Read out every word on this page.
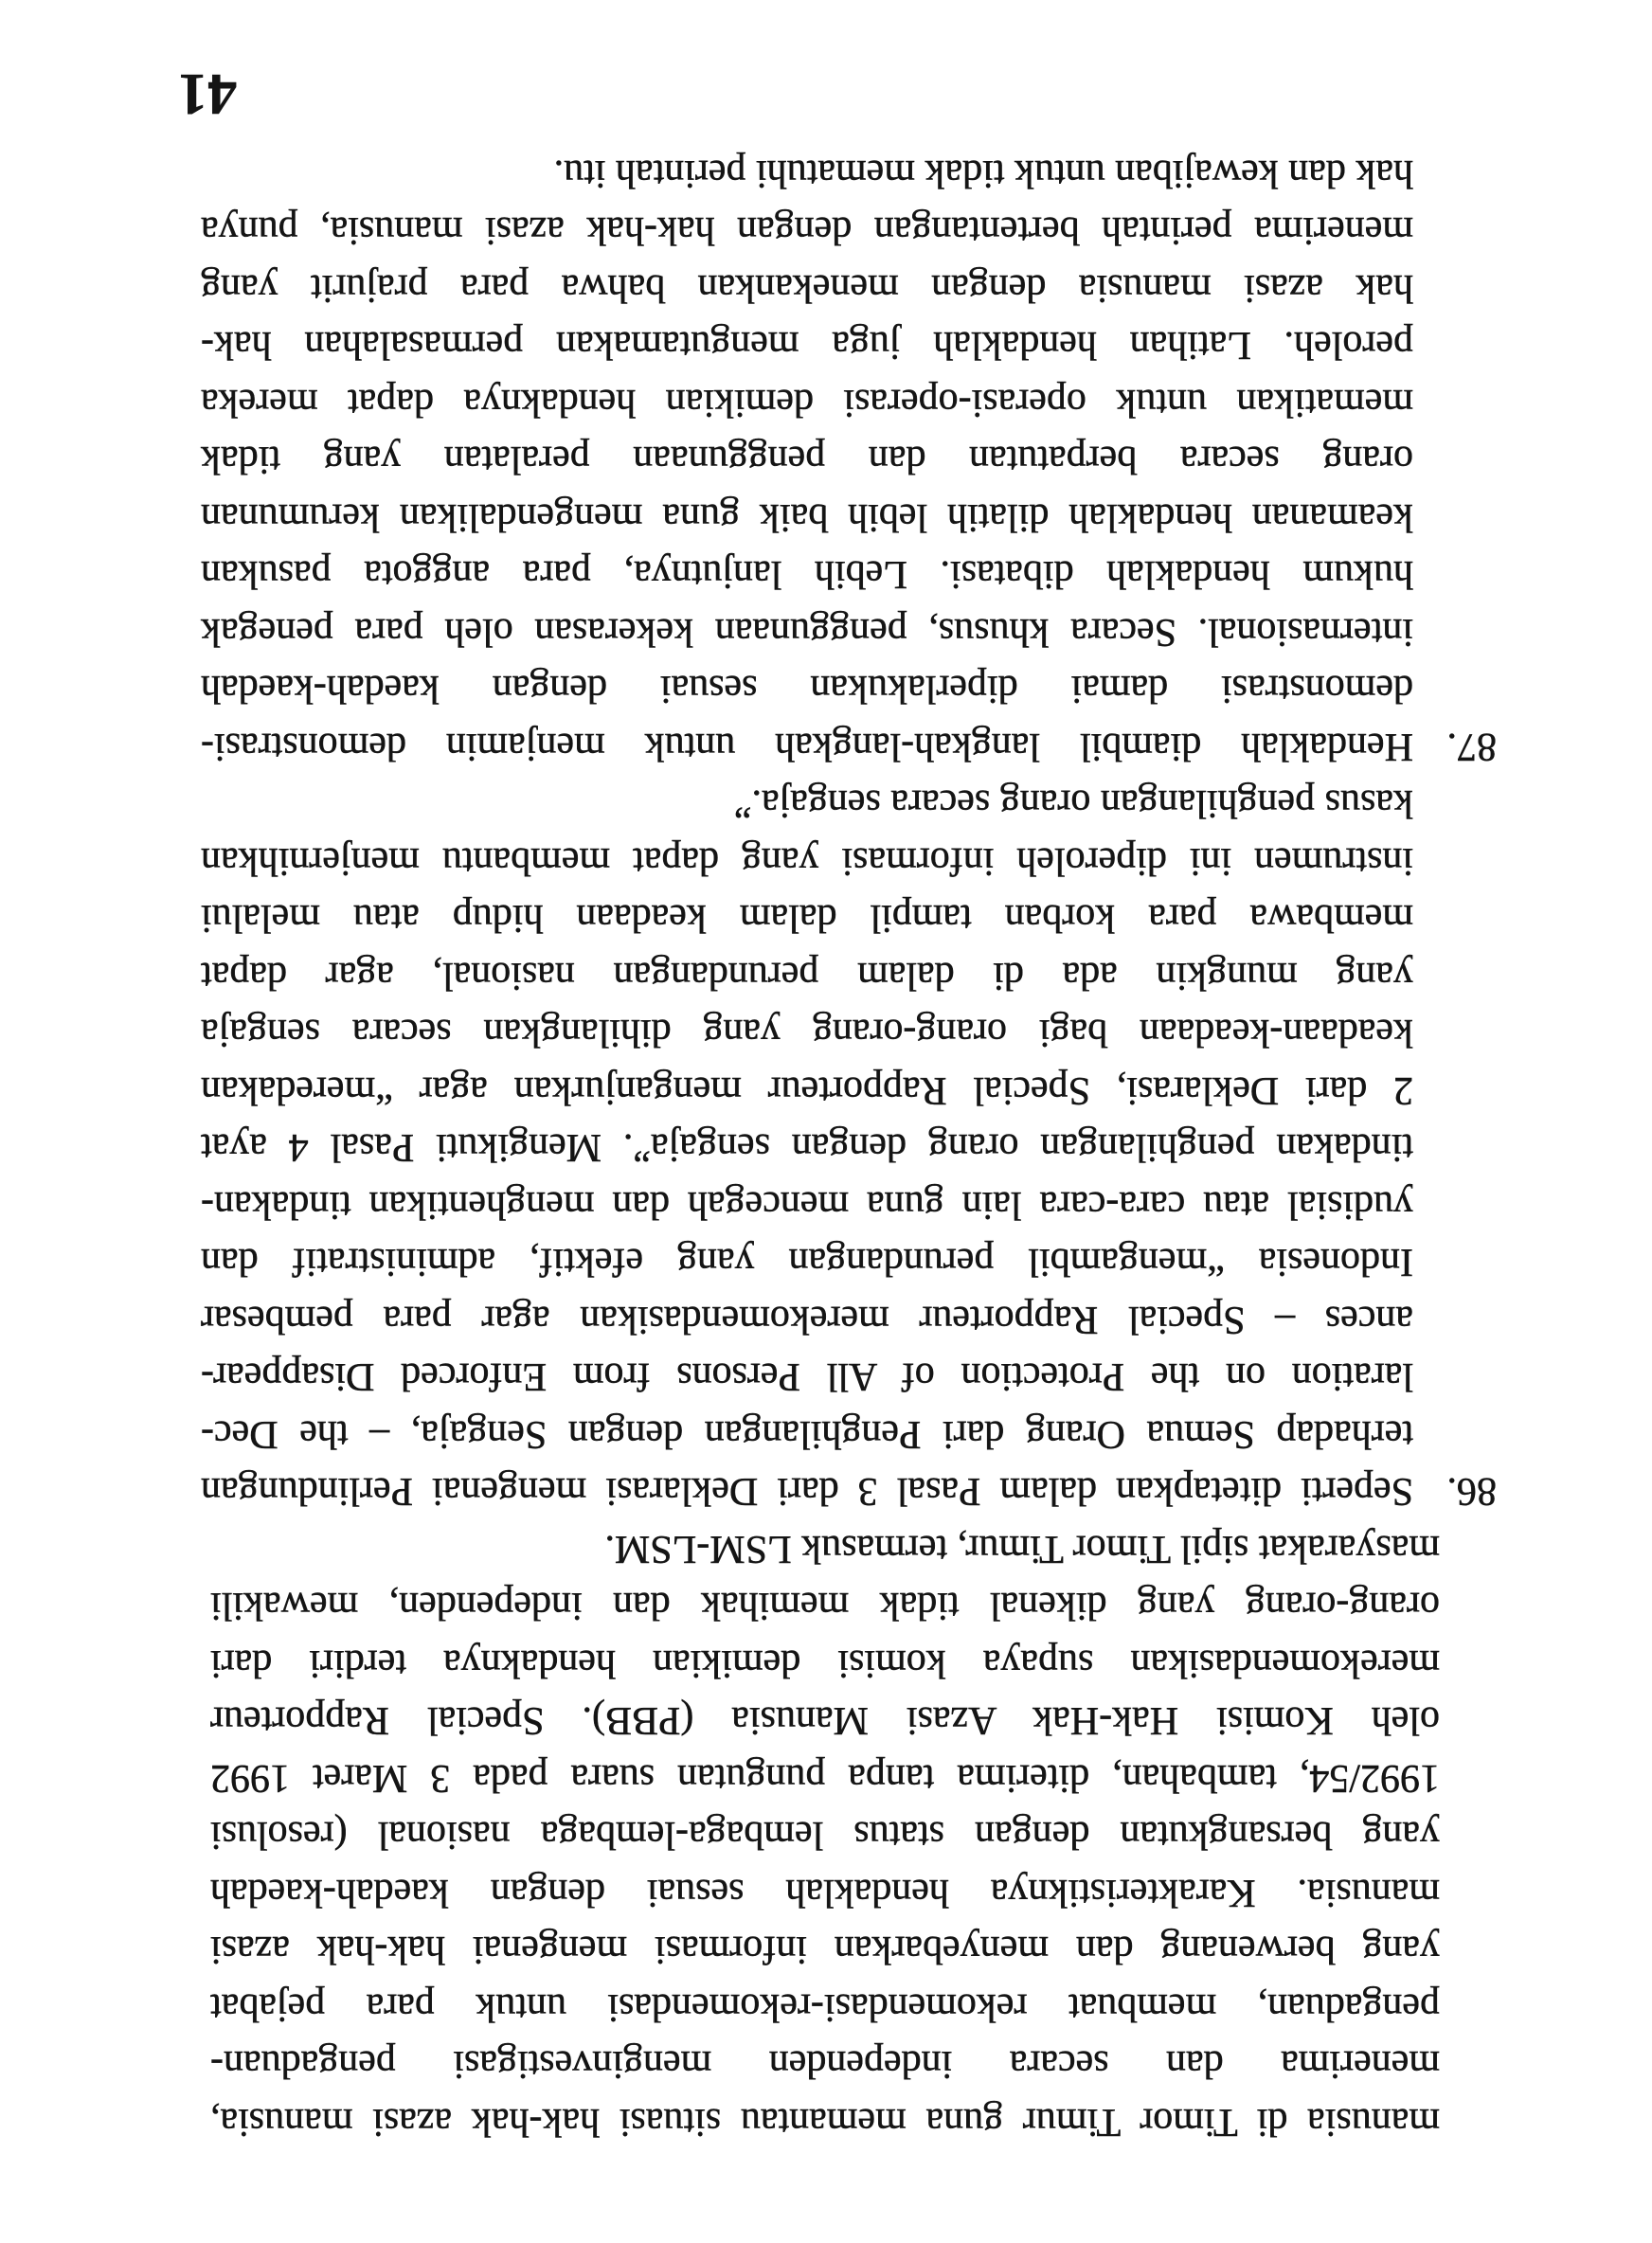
manusia di Timor Timur guna memantau situasi hak-hak azasi manusia,
menerima dan secara independen menginvestigasi pengaduan-
pengaduan, membuat rekomendasi-rekomendasi untuk para pejabat
yang berwenang dan menyebarkan informasi mengenai hak-hak azasi
manusia. Karakteristiknya hendaklah sesuai dengan kaedah-kaedah
yang bersangkutan dengan status lembaga-lembaga nasional (resolusi
1992/54, tambahan, diterima tanpa pungutan suara pada 3 Maret 1992
oleh Komisi Hak-Hak Azasi Manusia (PBB). Special Rapporteur
merekomendasikan supaya komisi demikian hendaknya terdiri dari
orang-orang yang dikenal tidak memihak dan independen, mewakili
masyarakat sipil Timor Timur, termasuk LSM-LSM.
86.
Seperti ditetapkan dalam Pasal 3 dari Deklarasi mengenai Perlindungan
terhadap Semua Orang dari Penghilangan dengan Sengaja, – the Dec-
laration on the Protection of All Persons from Enforced Disappear-
ances – Special Rapporteur merekomendasikan agar para pembesar
Indonesia “mengambil perundangan yang efektif, administratif dan
yudisial atau cara-cara lain guna mencegah dan menghentikan tindakan-
tindakan penghilangan orang dengan sengaja”. Mengikuti Pasal 4 ayat
2 dari Deklarasi, Special Rapporteur menganjurkan agar “meredakan
keadaan-keadaan bagi orang-orang yang dihilangkan secara sengaja
yang mungkin ada di dalam perundangan nasional, agar dapat
membawa para korban tampil dalam keadaan hidup atau melalui
instrumen ini diperoleh informasi yang dapat membantu menjernihkan
kasus penghilangan orang secara sengaja.”
87.
Hendaklah diambil langkah-langkah untuk menjamin demonstrasi-
demonstrasi damai diperlakukan sesuai dengan kaedah-kaedah
internasional. Secara khusus, penggunaan kekerasan oleh para penegak
hukum hendaklah dibatasi. Lebih lanjutnya, para anggota pasukan
keamanan hendaklah dilatih lebih baik guna mengendalikan kerumunan
orang secara berpatutan dan penggunaan peralatan yang tidak
mematikan untuk operasi-operasi demikian hendaknya dapat mereka
peroleh. Latihan hendaklah juga mengutamakan permasalahan hak-
hak azasi manusia dengan menekankan bahwa para prajurit yang
menerima perintah bertentangan dengan hak-hak azasi manusia, punya
hak dan kewajiban untuk tidak mematuhi perintah itu.
41
